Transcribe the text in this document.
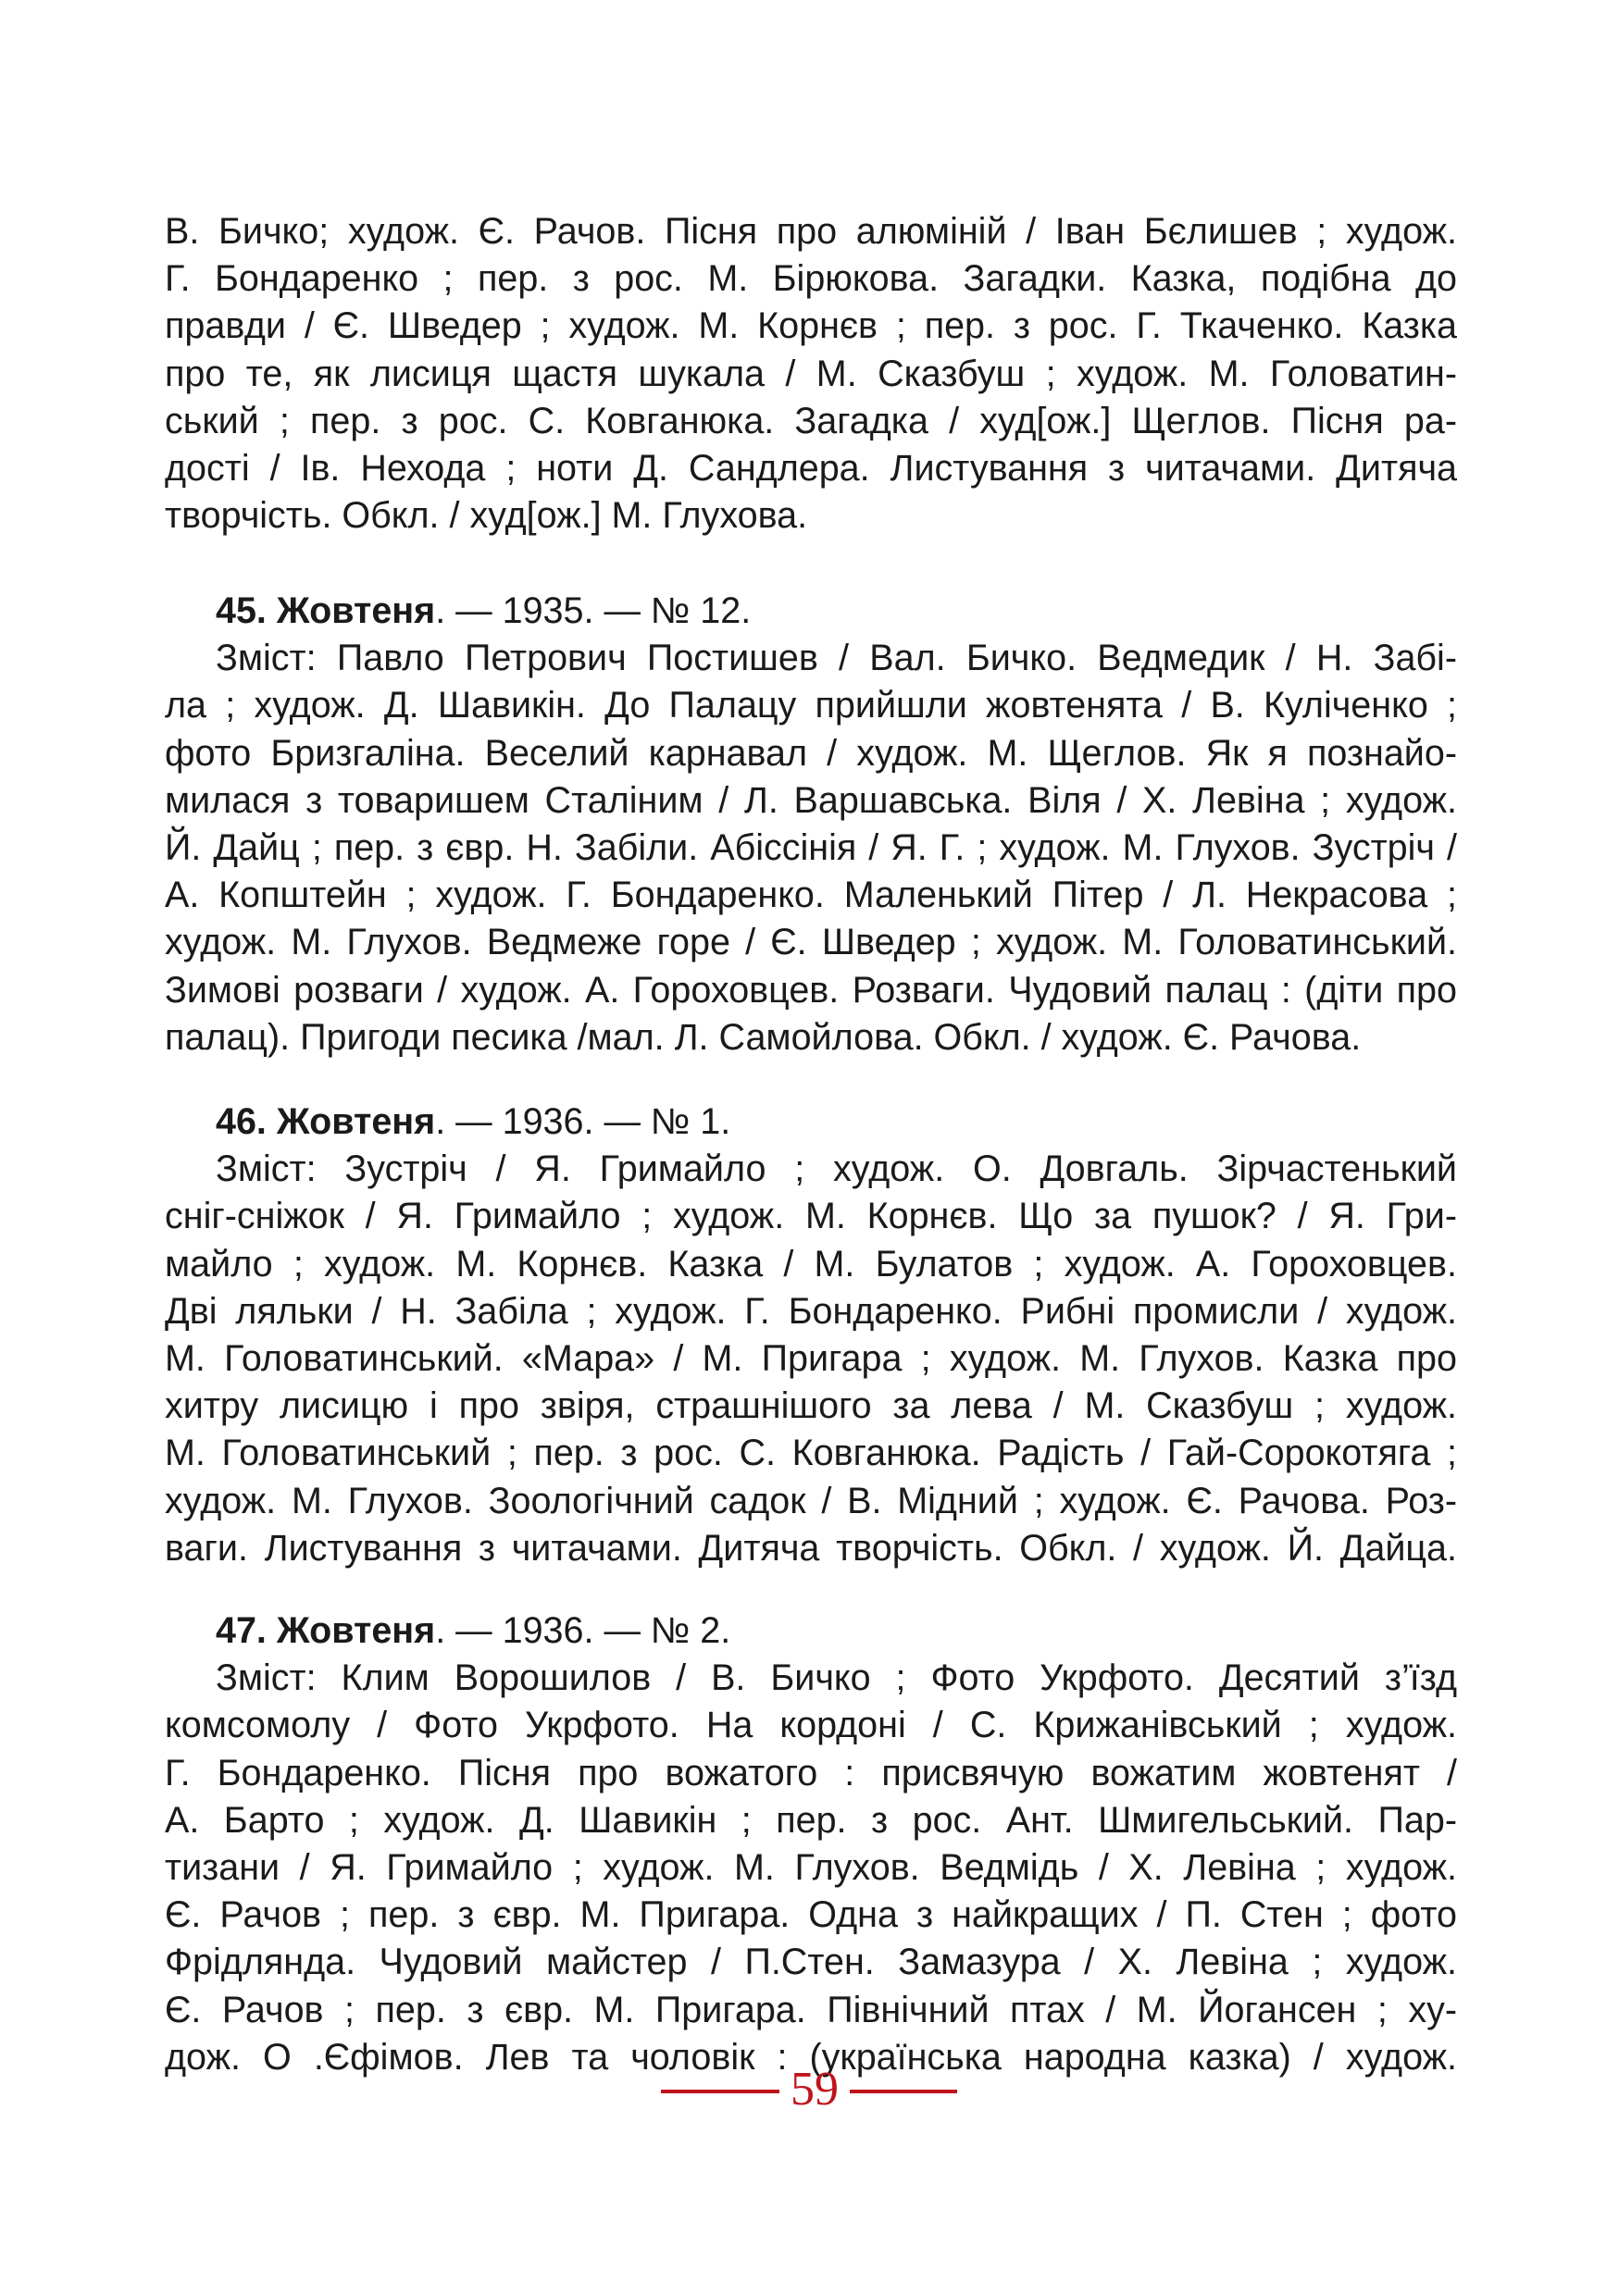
В. Бичко; худож. Є. Рачов. Пісня про алюміній / Іван Бєлишев ; худож.
Г. Бондаренко ; пер. з рос. М. Бірюкова. Загадки. Казка, подібна до
правди / Є. Шведер ; худож. М. Корнєв ; пер. з рос. Г. Ткаченко. Казка
про те, як лисиця щастя шукала / М. Сказбуш ; худож. М. Головатин-
ський ; пер. з рос. С. Ковганюка. Загадка / худ[ож.] Щеглов. Пісня ра-
дості / Ів. Нехода ; ноти Д. Сандлера. Листування з читачами. Дитяча
творчість. Обкл. / худ[ож.] М. Глухова.
45. Жовтеня. — 1935. — № 12.
Зміст: Павло Петрович Постишев / Вал. Бичко. Ведмедик / Н. Забі-
ла ; худож. Д. Шавикін. До Палацу прийшли жовтенята / В. Куліченко ;
фото Бризгаліна. Веселий карнавал / худож. М. Щеглов. Як я познайо-
милася з товаришем Сталіним / Л. Варшавська. Віля / Х. Левіна ; худож.
Й. Дайц ; пер. з євр. Н. Забіли. Абіссінія / Я. Г. ; худож. М. Глухов. Зустріч /
А. Копштейн ; худож. Г. Бондаренко. Маленький Пітер / Л. Некрасова ;
худож. М. Глухов. Ведмеже горе / Є. Шведер ; худож. М. Головатинський.
Зимові розваги / худож. А. Гороховцев. Розваги. Чудовий палац : (діти про
палац). Пригоди песика /мал. Л. Самойлова. Обкл. / худож. Є. Рачова.
46. Жовтеня. — 1936. — № 1.
Зміст: Зустріч / Я. Гримайло ; худож. О. Довгаль. Зірчастенький
сніг-сніжок / Я. Гримайло ; худож. М. Корнєв. Що за пушок? / Я. Гри-
майло ; худож. М. Корнєв. Казка / М. Булатов ; худож. А. Гороховцев.
Дві ляльки / Н. Забіла ; худож. Г. Бондаренко. Рибні промисли / худож.
М. Головатинський. «Мара» / М. Пригара ; худож. М. Глухов. Казка про
хитру лисицю і про звіря, страшнішого за лева / М. Сказбуш ; худож.
М. Головатинський ; пер. з рос. С. Ковганюка. Радість / Гай-Сорокотяга ;
худож. М. Глухов. Зоологічний садок / В. Мідний ; худож. Є. Рачова. Роз-
ваги. Листування з читачами. Дитяча творчість. Обкл. / худож. Й. Дайца.
47. Жовтеня. — 1936. — № 2.
Зміст: Клим Ворошилов / В. Бичко ; Фото Укрфото. Десятий з’їзд
комсомолу / Фото Укрфото. На кордоні / С. Крижанівський ; худож.
Г. Бондаренко. Пісня про вожатого : присвячую вожатим жовтенят /
А. Барто ; худож. Д. Шавикін ; пер. з рос. Ант. Шмигельський. Пар-
тизани / Я. Гримайло ; худож. М. Глухов. Ведмідь / Х. Левіна ; худож.
Є. Рачов ; пер. з євр. М. Пригара. Одна з найкращих / П. Стен ; фото
Фрідлянда. Чудовий майстер / П.Стен. Замазура / Х. Левіна ; худож.
Є. Рачов ; пер. з євр. М. Пригара. Північний птах / М. Йогансен ; ху-
дож. О .Єфімов. Лев та чоловік : (українська народна казка) / худож.
59
